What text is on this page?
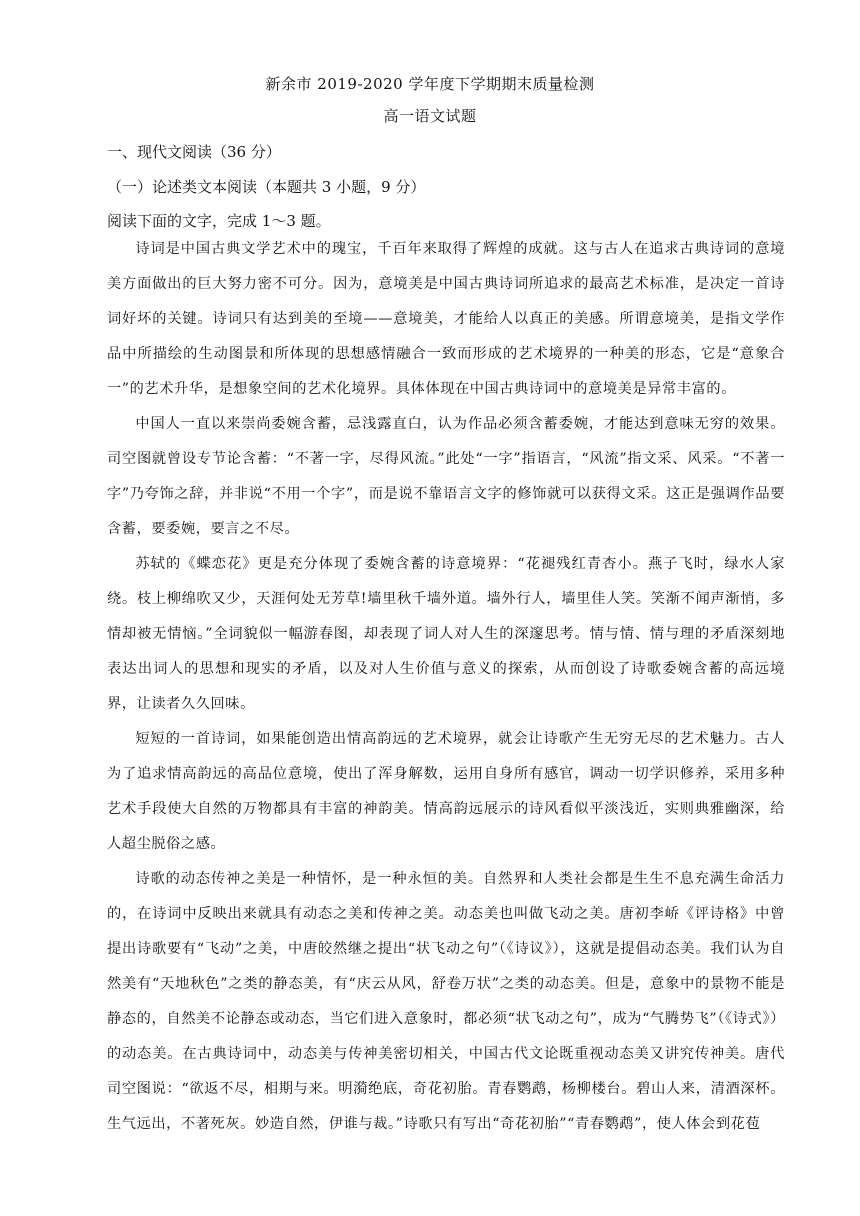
新余市 2019-2020 学年度下学期期末质量检测
高一语文试题
一、现代文阅读（36 分）
（一）论述类文本阅读（本题共 3 小题，9 分）
阅读下面的文字，完成 1～3 题。

诗词是中国古典文学艺术中的瑰宝，千百年来取得了辉煌的成就。这与古人在追求古典诗词的意境美方面做出的巨大努力密不可分。因为，意境美是中国古典诗词所追求的最高艺术标准，是决定一首诗词好坏的关键。诗词只有达到美的至境——意境美，才能给人以真正的美感。所谓意境美，是指文学作品中所描绘的生动图景和所体现的思想感情融合一致而形成的艺术境界的一种美的形态，它是“意象合一”的艺术升华，是想象空间的艺术化境界。具体体现在中国古典诗词中的意境美是异常丰富的。

中国人一直以来崇尚委婉含蓄，忌浅露直白，认为作品必须含蓄委婉，才能达到意味无穷的效果。司空图就曾设专节论含蓄：“不著一字，尽得风流。”此处“一字”指语言，“风流”指文采、风采。“不著一字”乃夸饰之辞，并非说“不用一个字”，而是说不靠语言文字的修饰就可以获得文采。这正是强调作品要含蓄，要委婉，要言之不尽。

苏轼的《蝶恋花》更是充分体现了委婉含蓄的诗意境界：“花褪残红青杏小。燕子飞时，绿水人家绕。枝上柳绵吹又少，天涯何处无芳草!墙里秋千墙外道。墙外行人，墙里佳人笑。笑渐不闻声渐悄，多情却被无情恼。”全词貌似一幅游春图，却表现了词人对人生的深邃思考。情与情、情与理的矛盾深刻地表达出词人的思想和现实的矛盾，以及对人生价值与意义的探索，从而创设了诗歌委婉含蓄的高远境界，让读者久久回味。

短短的一首诗词，如果能创造出情高韵远的艺术境界，就会让诗歌产生无穷无尽的艺术魅力。古人为了追求情高韵远的高品位意境，使出了浑身解数，运用自身所有感官，调动一切学识修养，采用多种艺术手段使大自然的万物都具有丰富的神韵美。情高韵远展示的诗风看似平淡浅近，实则典雅幽深，给人超尘脱俗之感。

诗歌的动态传神之美是一种情怀，是一种永恒的美。自然界和人类社会都是生生不息充满生命活力的，在诗词中反映出来就具有动态之美和传神之美。动态美也叫做飞动之美。唐初李峤《评诗格》中曾提出诗歌要有“飞动”之美，中唐皎然继之提出“状飞动之句”（《诗议》），这就是提倡动态美。我们认为自然美有“天地秋色”之类的静态美，有“庆云从风，舒卷万状”之类的动态美。但是，意象中的景物不能是静态的，自然美不论静态或动态，当它们进入意象时，都必须“状飞动之句”，成为“气腾势飞”（《诗式》）的动态美。在古典诗词中，动态美与传神美密切相关，中国古代文论既重视动态美又讲究传神美。唐代司空图说：“欲返不尽，相期与来。明漪绝底，奇花初胎。青春鹦鹉，杨柳楼台。碧山人来，清酒深杯。生气远出，不著死灰。妙造自然，伊谁与裁。”诗歌只有写出“奇花初胎”“青春鹦鹉”，使人体会到花苞
